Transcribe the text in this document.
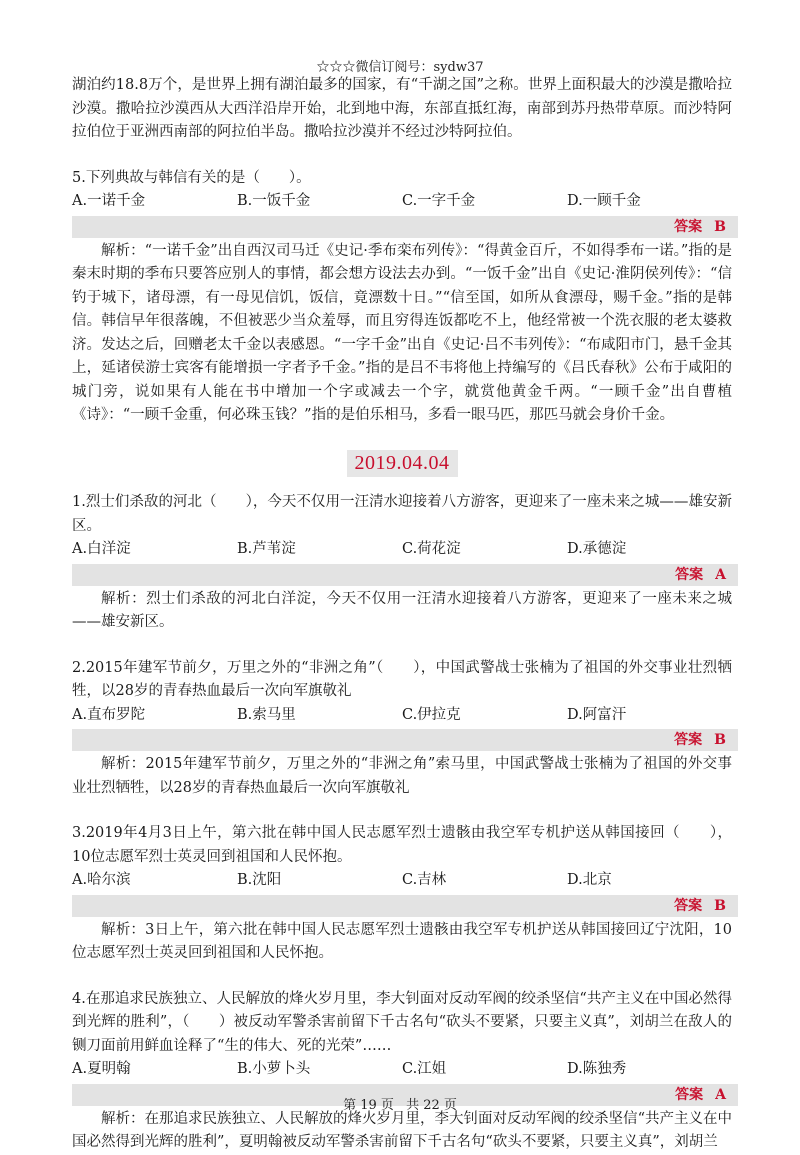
☆☆☆微信订阅号：sydw37

湖泊约18.8万个，是世界上拥有湖泊最多的国家，有“千湖之国”之称。世界上面积最大的沙漠是撒哈拉沙漠。撒哈拉沙漠西从大西洋沿岸开始，北到地中海，东部直抵红海，南部到苏丹热带草原。而沙特阿拉伯位于亚洲西南部的阿拉伯半岛。撒哈拉沙漠并不经过沙特阿拉伯。

5.下列典故与韩信有关的是（　　）。

A.一诺千金	B.一饭千金	C.一字千金	D.一顾千金
答案 B

解析：“一诺千金”出自西汉司马迁《史记·季布栾布列传》：“得黄金百斤，不如得季布一诺。”指的是秦末时期的季布只要答应别人的事情，都会想方设法去办到。“一饭千金”出自《史记·淮阴侯列传》：“信钓于城下，诸母漂，有一母见信饥，饭信，竟漂数十日。”“信至国，如所从食漂母，赐千金。”指的是韩信。韩信早年很落魄，不但被恶少当众羞辱，而且穷得连饭都吃不上，他经常被一个洗衣服的老太婆救济。发达之后，回赠老太千金以表感恩。“一字千金”出自《史记·吕不韦列传》：“布咸阳市门，悬千金其上，延诸侯游士宾客有能增损一字者予千金。”指的是吕不韦将他上持编写的《吕氏春秋》公布于咸阳的城门旁，说如果有人能在书中增加一个字或减去一个字，就赏他黄金千两。“一顾千金”出自曹植《诗》：“一顾千金重，何必珠玉钱？”指的是伯乐相马，多看一眼马匹，那匹马就会身价千金。

2019.04.04

1.烈士们杀敌的河北（　　），今天不仅用一汪清水迎接着八方游客，更迎来了一座未来之城——雄安新区。

A.白洋淀	B.芦苇淀	C.荷花淀	D.承德淀
答案 A

解析：烈士们杀敌的河北白洋淀，今天不仅用一汪清水迎接着八方游客，更迎来了一座未来之城——雄安新区。

2.2015年建军节前夕，万里之外的“非洲之角”（　　），中国武警战士张楠为了祖国的外交事业壮烈牺牲，以28岁的青春热血最后一次向军旗敬礼

A.直布罗陀	B.索马里	C.伊拉克	D.阿富汗
答案 B

解析：2015年建军节前夕，万里之外的“非洲之角”索马里，中国武警战士张楠为了祖国的外交事业壮烈牺牲，以28岁的青春热血最后一次向军旗敬礼

3.2019年4月3日上午，第六批在韩中国人民志愿军烈士遗骸由我空军专机护送从韩国接回（　　），10位志愿军烈士英灵回到祖国和人民怀抱。

A.哈尔滨	B.沈阳	C.吉林	D.北京
答案 B

解析：3日上午，第六批在韩中国人民志愿军烈士遗骸由我空军专机护送从韩国接回辽宁沈阳，10位志愿军烈士英灵回到祖国和人民怀抱。

4.在那追求民族独立、人民解放的烽火岁月里，李大钊面对反动军阀的绞杀坚信“共产主义在中国必然得到光辉的胜利”，（　　）被反动军警杀害前留下千古名句“砍头不要紧，只要主义真”，刘胡兰在敌人的铡刀面前用鲜血诠释了“生的伟大、死的光荣”……

A.夏明翰	B.小萝卜头	C.江姐	D.陈独秀
答案 A

解析：在那追求民族独立、人民解放的烽火岁月里，李大钊面对反动军阀的绞杀坚信“共产主义在中国必然得到光辉的胜利”，夏明翰被反动军警杀害前留下千古名句“砍头不要紧，只要主义真”，刘胡兰

第 19 页 共 22 页
